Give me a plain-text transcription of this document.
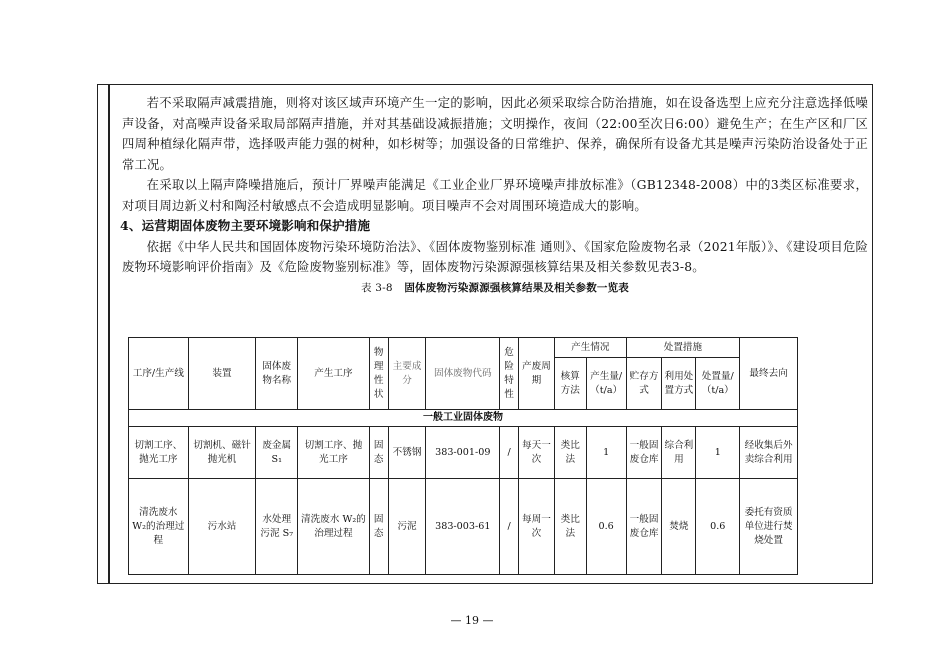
若不采取隔声减震措施，则将对该区域声环境产生一定的影响，因此必须采取综合防治措施，如在设备选型上应充分注意选择低噪声设备，对高噪声设备采取局部隔声措施，并对其基础设减振措施；文明操作，夜间（22:00至次日6:00）避免生产；在生产区和厂区四周种植绿化隔声带，选择吸声能力强的树种，如杉树等；加强设备的日常维护、保养，确保所有设备尤其是噪声污染防治设备处于正常工况。

在采取以上隔声降噪措施后，预计厂界噪声能满足《工业企业厂界环境噪声排放标准》（GB12348-2008）中的3类区标准要求，对项目周边新义村和陶泾村敏感点不会造成明显影响。项目噪声不会对周围环境造成大的影响。

4、运营期固体废物主要环境影响和保护措施

依据《中华人民共和国固体废物污染环境防治法》、《固体废物鉴别标准 通则》、《国家危险废物名录（2021年版）》、《建设项目危险废物环境影响评价指南》及《危险废物鉴别标准》等，固体废物污染源源强核算结果及相关参数见表3-8。

表 3-8 固体废物污染源源强核算结果及相关参数一览表
工序/生产线	装置	固体废物名称	产生工序	物理性状	主要成分	固体废物代码	危险特性	产废周期	产生情况		处置措施			最终去向
									核算方法	产生量/（t/a）	贮存方式	利用处置方式	处置量/（t/a）	
一般工业固体废物														
切割工序、抛光工序	切割机、磁针抛光机	废金属 S₁	切割工序、抛光工序	固态	不锈钢	383-001-09	/	每天一次	类比法	1	一般固废仓库	综合利用	1	经收集后外卖综合利用
清洗废水 W₂的治理过程	污水站	水处理污泥 S₇	清洗废水 W₂的治理过程	固态	污泥	383-003-61	/	每周一次	类比法	0.6	一般固废仓库	焚烧	0.6	委托有资质单位进行焚烧处置
— 19 —
